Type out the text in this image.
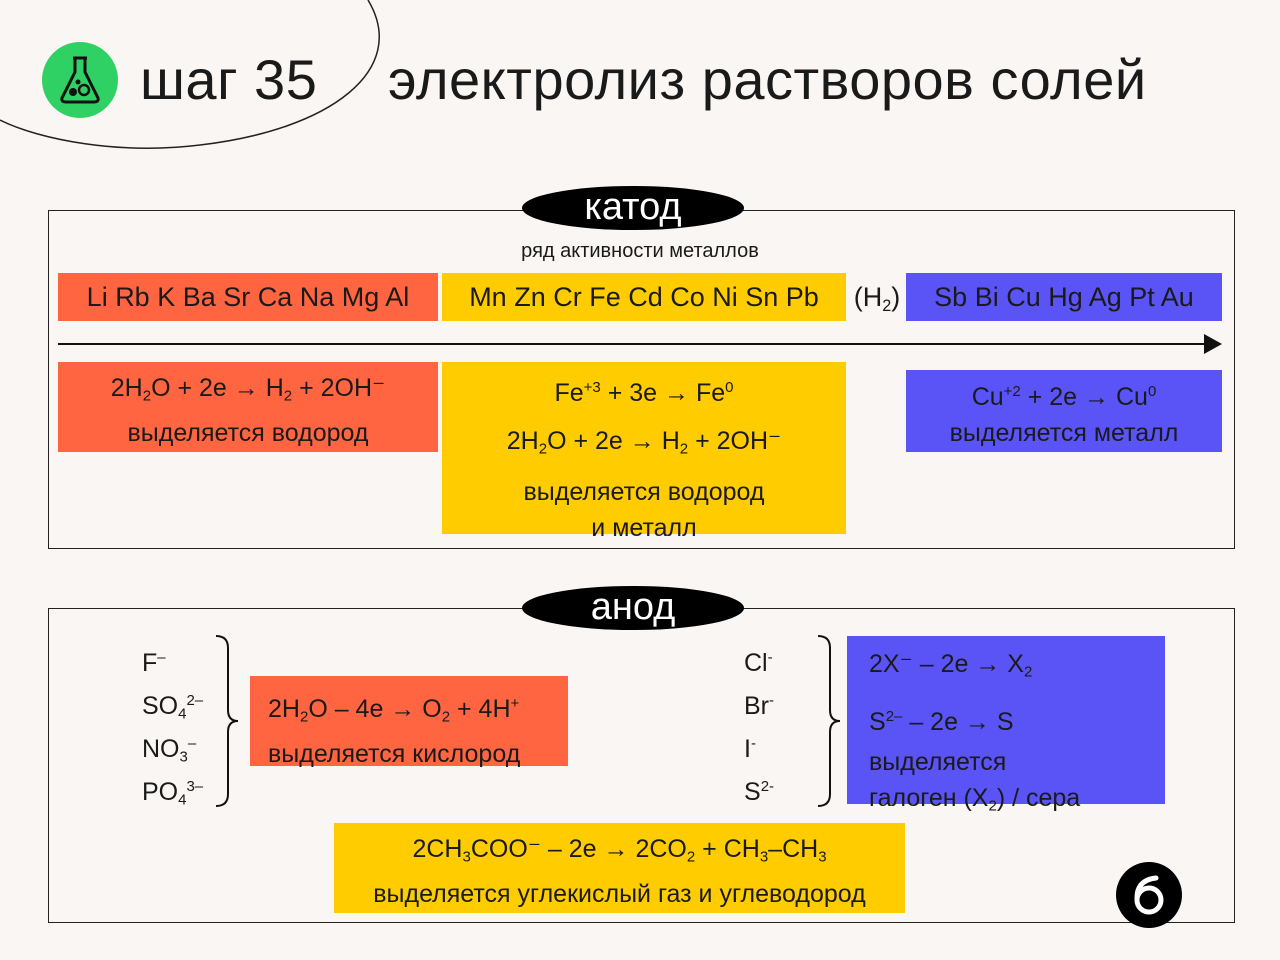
шаг 35 электролиз растворов солей
катод
ряд активности металлов
Li Rb K Ba Sr Ca Na Mg Al	Mn Zn Cr Fe Cd Co Ni Sn Pb	$(H_2)$	Sb Bi Cu Hg Ag Pt Au
$2H_2O + 2e \to H_2 + 2OH^-$
выделяется водород
$Fe^{+3} + 3e \to Fe^0$
$2H_2O + 2e \to H_2 + 2OH^-$
выделяется водород
и металл
$Cu^{+2} + 2e \to Cu^0$
выделяется металл
анод
F–
$SO_4^{2-}$
$NO_3^-$
$PO_4^{3-}$
$2H_2O - 4e \to O_2 + 4H^+$
выделяется кислород
Cl-
Br-
I-
$S^{2-}$
$2X^- - 2e \to X_2$
$S^{2-} - 2e \to S$
выделяется
галоген $(X_2)$ / сера
$2CH_3COO^- - 2e \to 2CO_2 + CH_3-CH_3$
выделяется углекислый газ и углеводород
